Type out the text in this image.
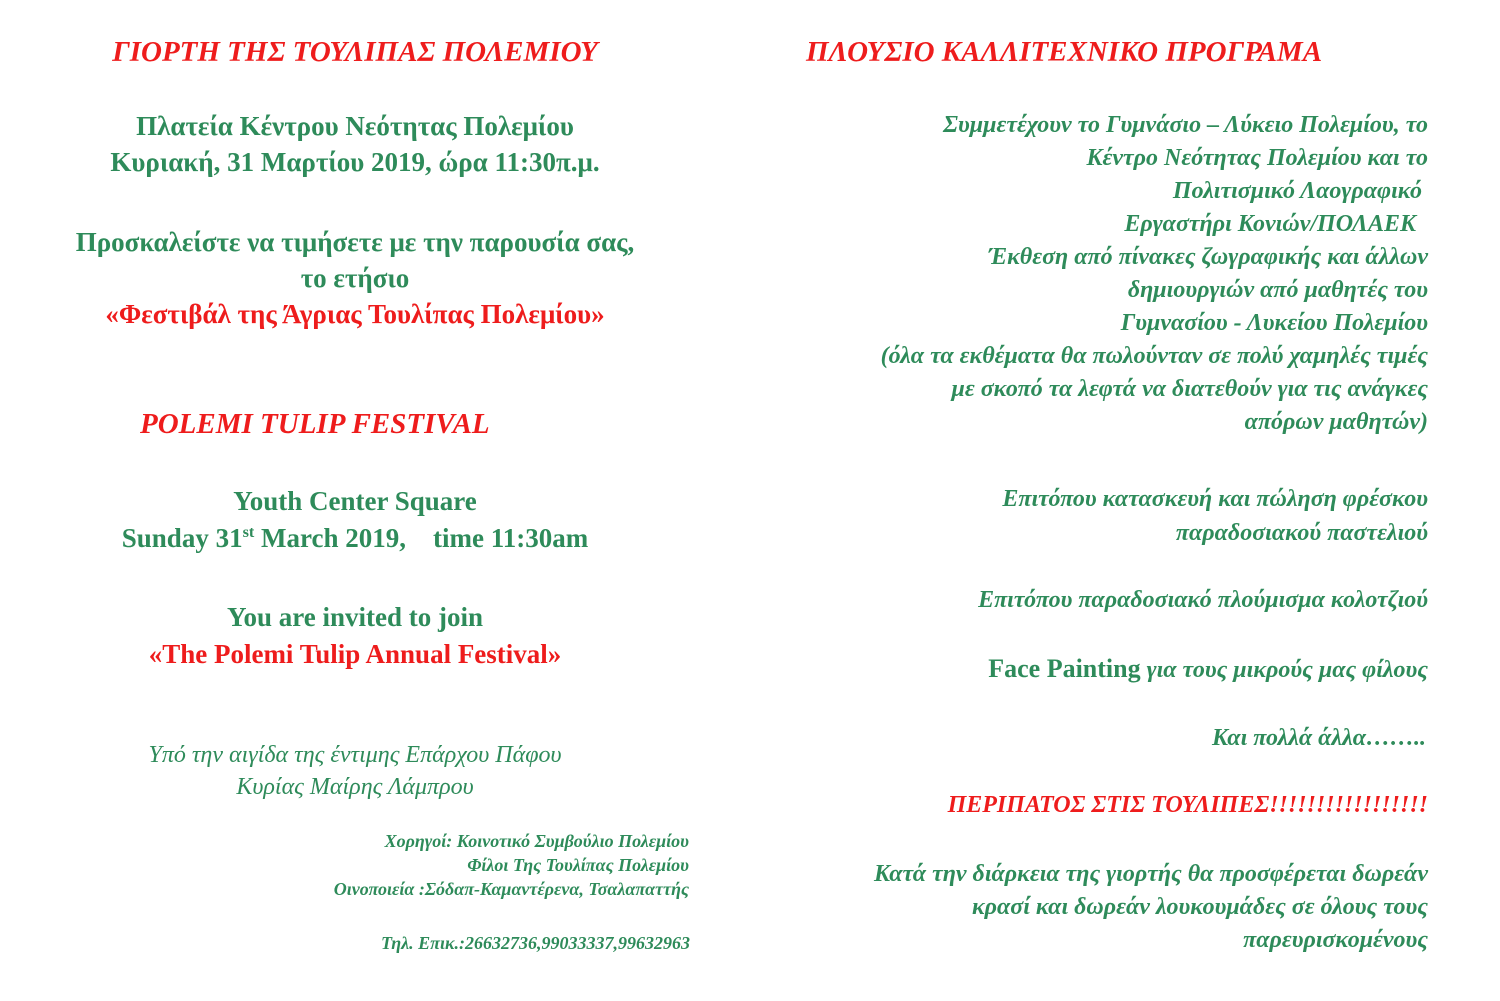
ΓΙΟΡΤΗ ΤΗΣ ΤΟΥΛΙΠΑΣ ΠΟΛΕΜΙΟΥ
Πλατεία Κέντρου Νεότητας Πολεμίου
Κυριακή, 31 Μαρτίου 2019, ώρα 11:30π.μ.
Προσκαλείστε να τιμήσετε με την παρουσία σας,
το ετήσιο
«Φεστιβάλ της Άγριας Τουλίπας Πολεμίου»
POLEMI TULIP FESTIVAL
Youth Center Square
Sunday 31st March 2019,    time 11:30am
You are invited to join
«The Polemi Tulip Annual Festival»
Υπό την αιγίδα της έντιμης Επάρχου Πάφου
Κυρίας Μαίρης Λάμπρου
Χορηγοί: Κοινοτικό Συμβούλιο Πολεμίου
Φίλοι Της Τουλίπας Πολεμίου
Οινοποιεία :Σόδαπ-Καμαντέρενα, Τσαλαπαττής
Τηλ. Επικ.:26632736,99033337,99632963
ΠΛΟΥΣΙΟ ΚΑΛΛΙΤΕΧΝΙΚΟ ΠΡΟΓΡΑΜΑ
Συμμετέχουν το Γυμνάσιο – Λύκειο Πολεμίου, το
Κέντρο Νεότητας Πολεμίου και το
Πολιτισμικό Λαογραφικό
Εργαστήρι Κονιών/ΠΟΛΑΕΚ
Έκθεση από πίνακες ζωγραφικής και άλλων
δημιουργιών από μαθητές του
Γυμνασίου - Λυκείου Πολεμίου
(όλα τα εκθέματα θα πωλούνταν σε πολύ χαμηλές τιμές
με σκοπό τα λεφτά να διατεθούν για τις ανάγκες
απόρων μαθητών)
Επιτόπου κατασκευή και πώληση φρέσκου
παραδοσιακού παστελιού
Επιτόπου παραδοσιακό πλούμισμα κολοτζιού
Face Painting για τους μικρούς μας φίλους
Και πολλά άλλα……..
ΠΕΡΙΠΑΤΟΣ ΣΤΙΣ ΤΟΥΛΙΠΕΣ!!!!!!!!!!!!!!!!!
Κατά την διάρκεια της γιορτής θα προσφέρεται δωρεάν
κρασί και δωρεάν λουκουμάδες σε όλους τους
παρευρισκομένους
